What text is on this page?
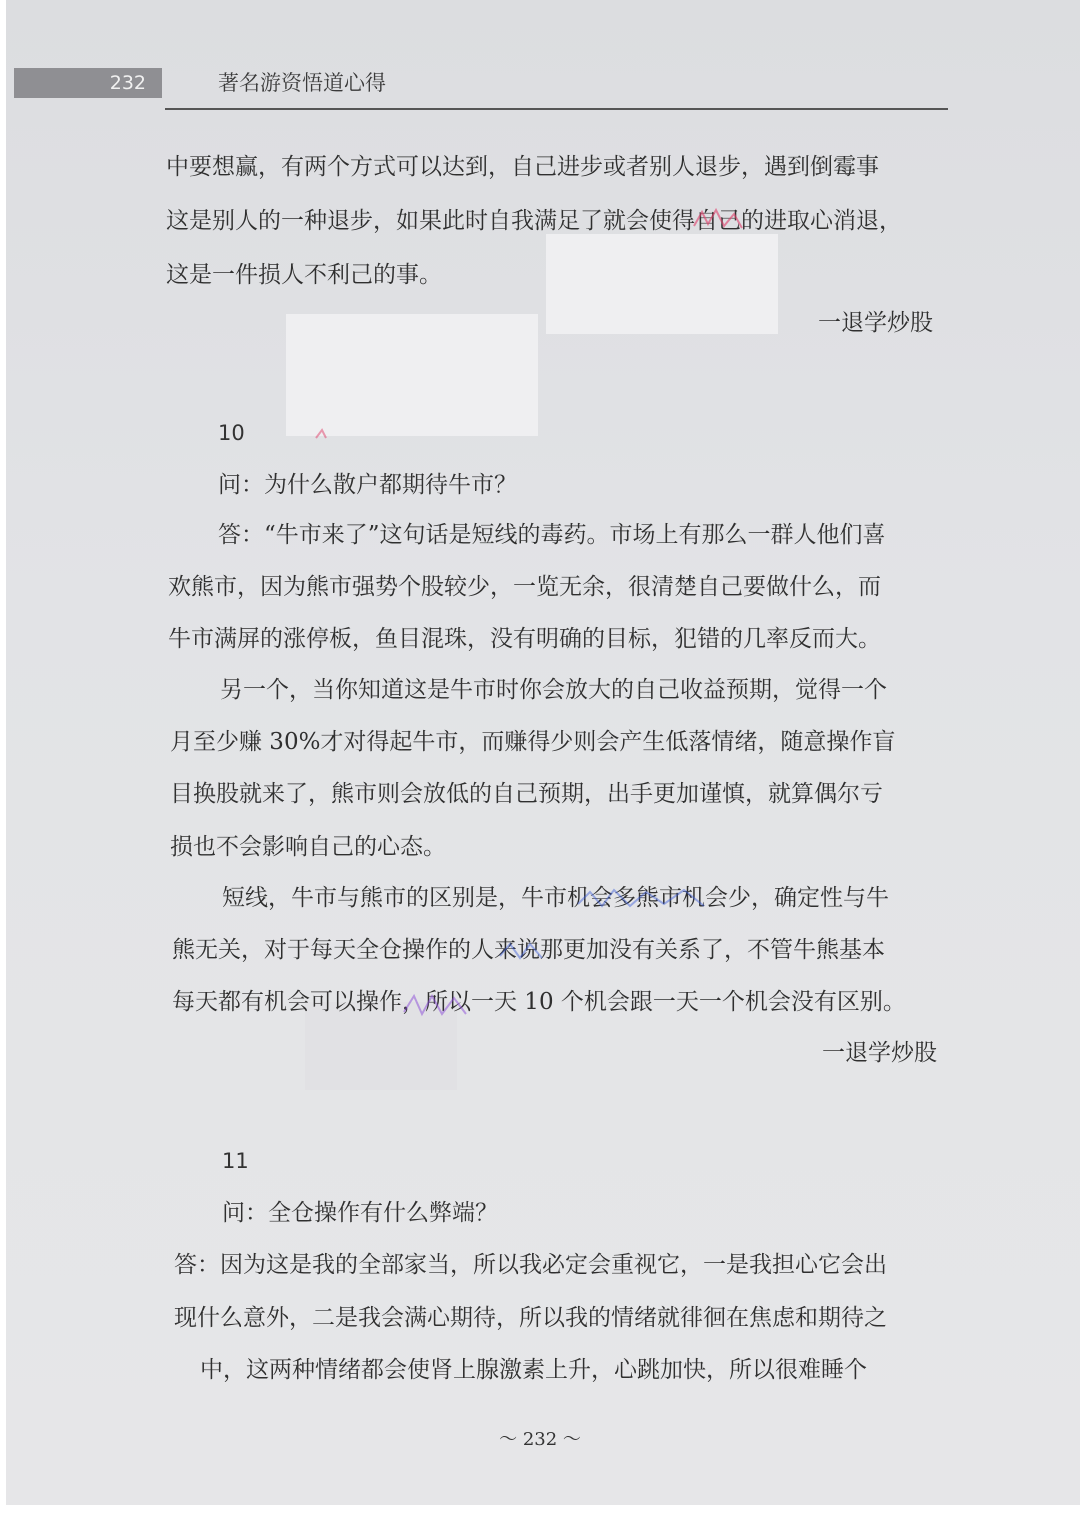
232	著名游资悟道心得
中要想赢，有两个方式可以达到，自己进步或者别人退步，遇到倒霉事
这是别人的一种退步，如果此时自我满足了就会使得自己的进取心消退，
这是一件损人不利己的事。
一退学炒股
10
问：为什么散户都期待牛市？
答：“牛市来了”这句话是短线的毒药。市场上有那么一群人他们喜
欢熊市，因为熊市强势个股较少，一览无余，很清楚自己要做什么，而
牛市满屏的涨停板，鱼目混珠，没有明确的目标，犯错的几率反而大。
另一个，当你知道这是牛市时你会放大的自己收益预期，觉得一个
月至少赚 30%才对得起牛市，而赚得少则会产生低落情绪，随意操作盲
目换股就来了，熊市则会放低的自己预期，出手更加谨慎，就算偶尔亏
损也不会影响自己的心态。
短线，牛市与熊市的区别是，牛市机会多熊市机会少，确定性与牛
熊无关，对于每天全仓操作的人来说那更加没有关系了，不管牛熊基本
每天都有机会可以操作，所以一天 10 个机会跟一天一个机会没有区别。
一退学炒股
11
问：全仓操作有什么弊端？
答：因为这是我的全部家当，所以我必定会重视它，一是我担心它会出
现什么意外，二是我会满心期待，所以我的情绪就徘徊在焦虑和期待之
中，这两种情绪都会使肾上腺激素上升，心跳加快，所以很难睡个
～ 232 ～
